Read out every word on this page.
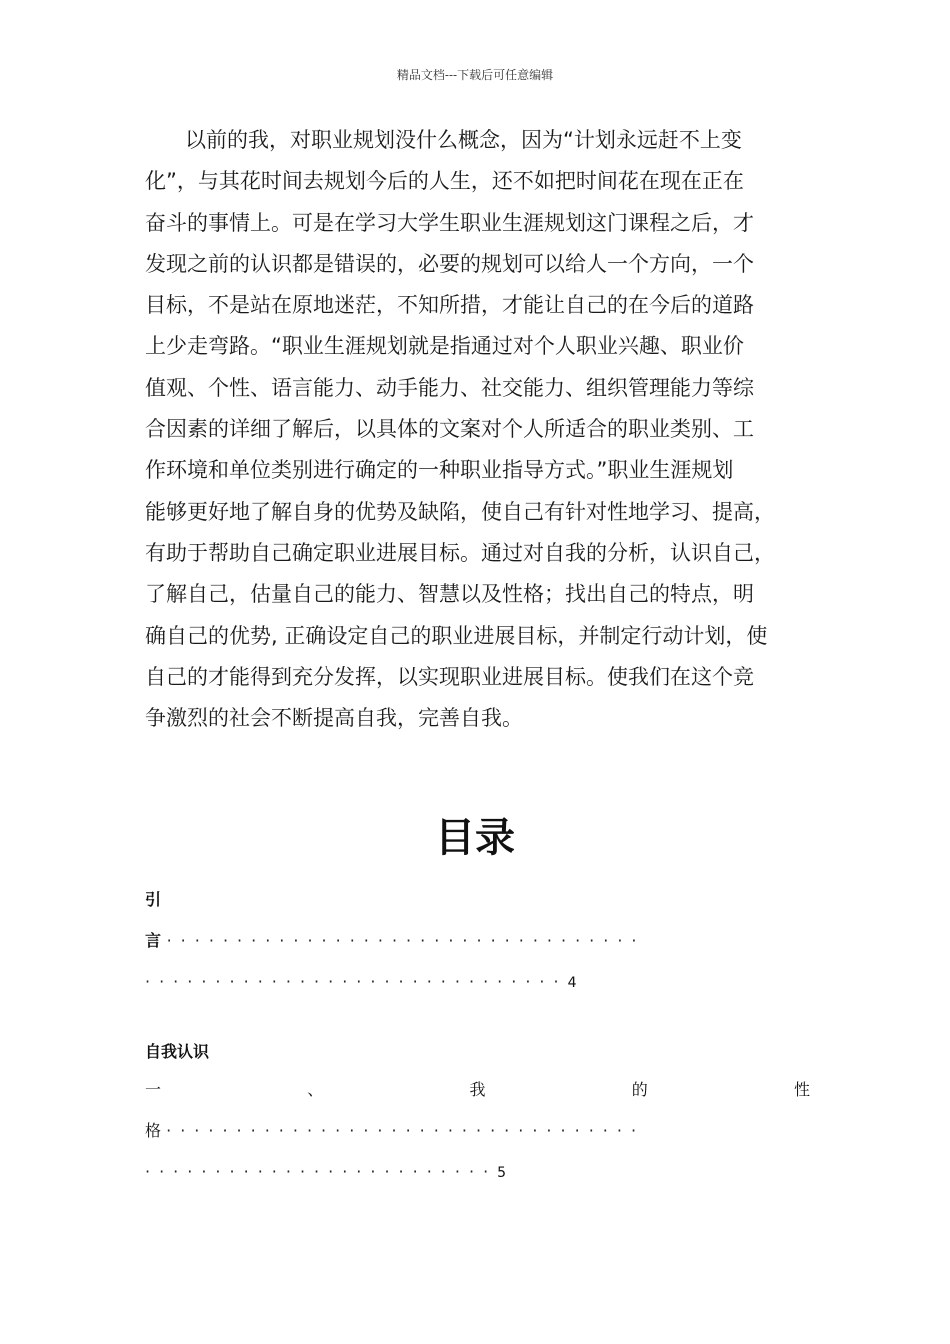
精品文档---下载后可任意编辑
以前的我，对职业规划没什么概念，因为“计划永远赶不上变
化”，与其花时间去规划今后的人生，还不如把时间花在现在正在
奋斗的事情上。可是在学习大学生职业生涯规划这门课程之后，才
发现之前的认识都是错误的，必要的规划可以给人一个方向，一个
目标，不是站在原地迷茫，不知所措，才能让自己的在今后的道路
上少走弯路。“职业生涯规划就是指通过对个人职业兴趣、职业价
值观、个性、语言能力、动手能力、社交能力、组织管理能力等综
合因素的详细了解后，以具体的文案对个人所适合的职业类别、工
作环境和单位类别进行确定的一种职业指导方式。”职业生涯规划
能够更好地了解自身的优势及缺陷，使自己有针对性地学习、提高，
有助于帮助自己确定职业进展目标。通过对自我的分析，认识自己，
了解自己，估量自己的能力、智慧以及性格；找出自己的特点，明
确自己的优势, 正确设定自己的职业进展目标，并制定行动计划，使
自己的才能得到充分发挥，以实现职业进展目标。使我们在这个竞
争激烈的社会不断提高自我，完善自我。
目录
引
言 ··································
······························4
自我认识
一	、	我	的	性
格 ··································
·························5
